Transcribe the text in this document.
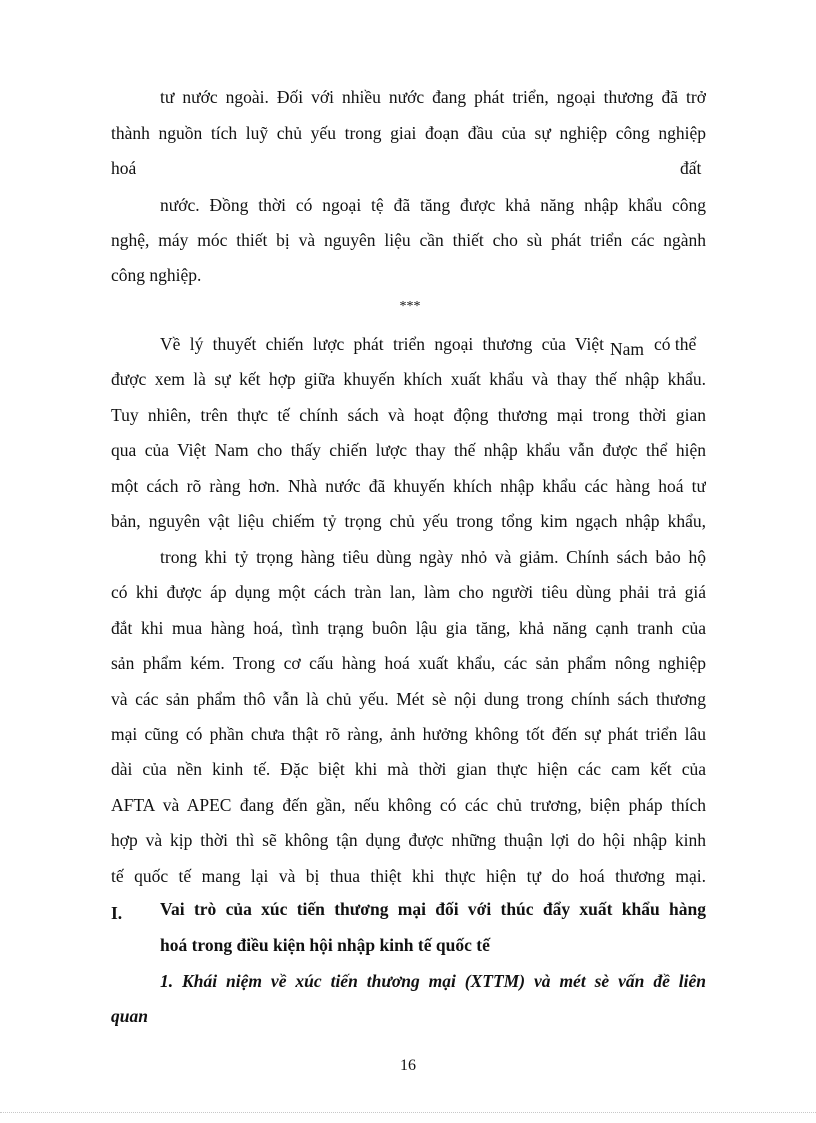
tư nước ngoài. Đối với nhiều nước đang phát triển, ngoại thương đã trở

thành nguồn tích luỹ chủ yếu trong giai đoạn đầu của sự nghiệp công nghiệp

hoá	đất

nước. Đồng thời có ngoại tệ đã tăng được khả năng nhập khẩu công

nghệ, máy móc thiết bị và nguyên liệu cần thiết cho sù phát triển các ngành

công nghiệp.

***

Về lý thuyết chiến lược phát triển ngoại thương của Việt Nam có thể

được xem là sự kết hợp giữa khuyến khích xuất khẩu và thay thế nhập khẩu.

Tuy nhiên, trên thực tế chính sách và hoạt động thương mại trong thời gian

qua của Việt Nam cho thấy chiến lược thay thế nhập khẩu vẫn được thể hiện

một cách rõ ràng hơn. Nhà nước đã khuyến khích nhập khẩu các hàng hoá tư

bản, nguyên vật liệu chiếm tỷ trọng chủ yếu trong tổng kim ngạch nhập khẩu,

trong khi tỷ trọng hàng tiêu dùng ngày nhỏ và giảm. Chính sách bảo hộ

có khi được áp dụng một cách tràn lan, làm cho người tiêu dùng phải trả giá

đắt khi mua hàng hoá, tình trạng buôn lậu gia tăng, khả năng cạnh tranh của

sản phẩm kém. Trong cơ cấu hàng hoá xuất khẩu, các sản phẩm nông nghiệp

và các sản phẩm thô vẫn là chủ yếu. Mét sè nội dung trong chính sách thương

mại cũng có phần chưa thật rõ ràng, ảnh hưởng không tốt đến sự phát triển lâu

dài của nền kinh tế. Đặc biệt khi mà thời gian thực hiện các cam kết của

AFTA và APEC đang đến gần, nếu không có các chủ trương, biện pháp thích

hợp và kịp thời thì sẽ không tận dụng được những thuận lợi do hội nhập kinh

tế quốc tế mang lại và bị thua thiệt khi thực hiện tự do hoá thương mại.

I. Vai trò của xúc tiến thương mại đối với thúc đẩy xuất khẩu hàng

hoá trong điều kiện hội nhập kinh tế quốc tế

1. Khái niệm về xúc tiến thương mại (XTTM) và mét sè vấn đề liên

quan

16
